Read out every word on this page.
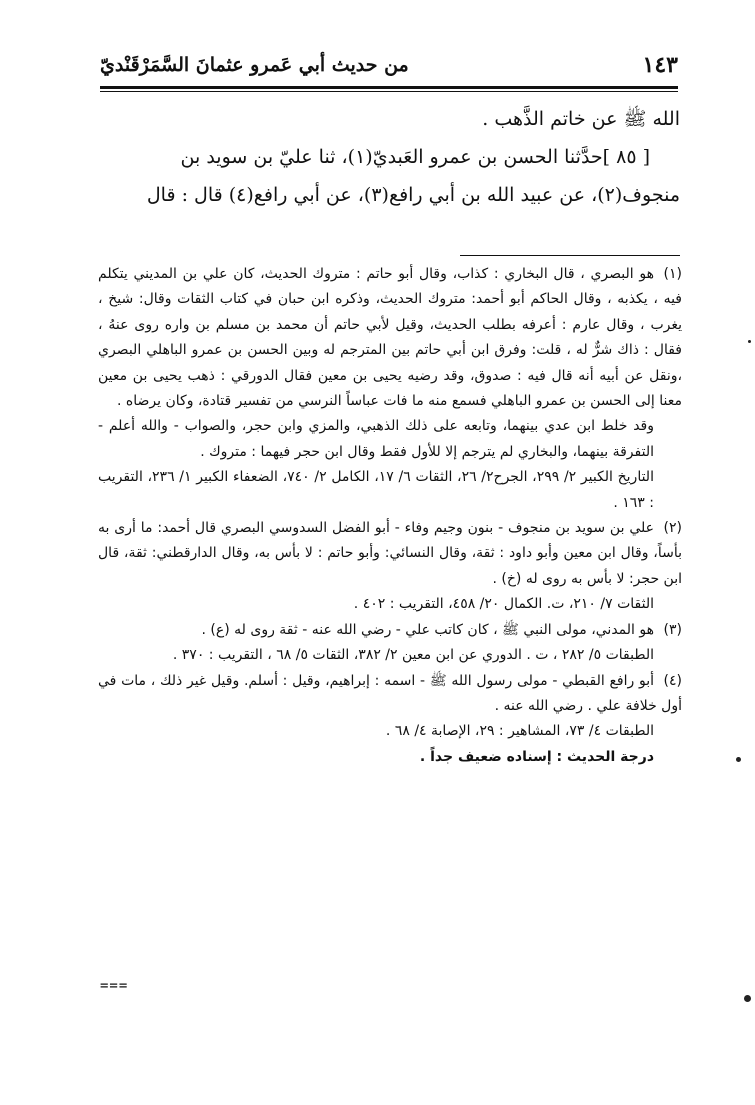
١٤٣
من حديث أبي عَمرو عثمانَ السَّمَرْقَنْديّ

الله ﷺ عن خاتم الذَّهب .

[ ٨٥ ]حدَّثنا الحسن بن عمرو العَبديّ(١)، ثنا عليّ بن سويد بن

منجوف(٢)، عن عبيد الله بن أبي رافع(٣)، عن أبي رافع(٤) قال : قال

(١)هو البصري ، قال البخاري : كذاب، وقال أبو حاتم : متروك الحديث، كان علي بن المديني يتكلم فيه ، يكذبه ، وقال الحاكم أبو أحمد: متروك الحديث، وذكره ابن حبان في كتاب الثقات وقال: شيخ ، يغرب ، وقال عارم : أعرفه بطلب الحديث، وقيل لأبي حاتم أن محمد بن مسلم بن واره روى عنهُ ، فقال : ذاك شرٌّ له ، قلت: وفرق ابن أبي حاتم بين المترجم له وبين الحسن بن عمرو الباهلي البصري ،ونقل عن أبيه أنه قال فيه : صدوق، وقد رضيه يحيى بن معين فقال الدورقي : ذهب يحيى بن معين معنا إلى الحسن بن عمرو الباهلي فسمع منه ما فات عباساً النرسي من تفسير قتادة، وكان يرضاه .

وقد خلط ابن عدي بينهما، وتابعه على ذلك الذهبي، والمزي وابن حجر، والصواب - والله أعلم - التفرقة بينهما، والبخاري لم يترجم إلا للأول فقط وقال ابن حجر فيهما : متروك .

التاريخ الكبير ٢/ ٢٩٩، الجرح٢/ ٢٦، الثقات ٦/ ١٧، الكامل ٢/ ٧٤٠، الضعفاء الكبير ١/ ٢٣٦، التقريب : ١٦٣ .

(٢)علي بن سويد بن منجوف - بنون وجيم وفاء - أبو الفضل السدوسي البصري قال أحمد: ما أرى به بأساً، وقال ابن معين وأبو داود : ثقة، وقال النسائي: وأبو حاتم : لا بأس به، وقال الدارقطني: ثقة، قال ابن حجر: لا بأس به روى له (خ) .

الثقات ٧/ ٢١٠، ت. الكمال ٢٠/ ٤٥٨، التقريب : ٤٠٢ .

(٣)هو المدني، مولى النبي ﷺ ، كان كاتب علي - رضي الله عنه - ثقة روى له (ع) .

الطبقات ٥/ ٢٨٢ ، ت . الدوري عن ابن معين ٢/ ٣٨٢، الثقات ٥/ ٦٨ ، التقريب : ٣٧٠ .

(٤)أبو رافع القبطي - مولى رسول الله ﷺ - اسمه : إبراهيم، وقيل : أسلم. وقيل غير ذلك ، مات في أول خلافة علي . رضي الله عنه .

الطبقات ٤/ ٧٣، المشاهير : ٢٩، الإصابة ٤/ ٦٨ .

درجة الحديث : إسناده ضعيف جداً .

===
